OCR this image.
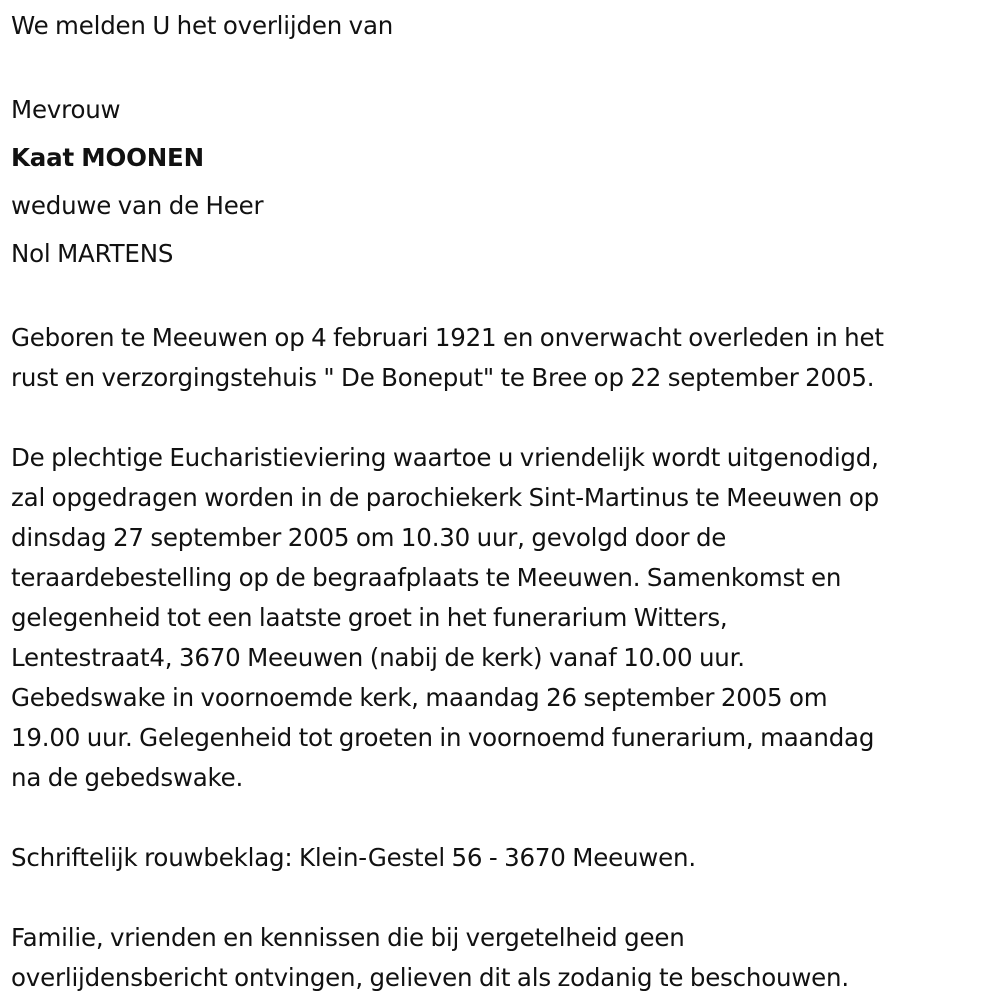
We melden U het overlijden van
Mevrouw
Kaat MOONEN
weduwe van de Heer
Nol MARTENS
Geboren te Meeuwen op 4 februari 1921 en onverwacht overleden in het
rust en verzorgingstehuis " De Boneput" te Bree op 22 september 2005.
De plechtige Eucharistieviering waartoe u vriendelijk wordt uitgenodigd,
zal opgedragen worden in de parochiekerk Sint-Martinus te Meeuwen op
dinsdag 27 september 2005 om 10.30 uur, gevolgd door de
teraardebestelling op de begraafplaats te Meeuwen. Samenkomst en
gelegenheid tot een laatste groet in het funerarium Witters,
Lentestraat4, 3670 Meeuwen (nabij de kerk) vanaf 10.00 uur.
Gebedswake in voornoemde kerk, maandag 26 september 2005 om
19.00 uur. Gelegenheid tot groeten in voornoemd funerarium, maandag
na de gebedswake.
Schriftelijk rouwbeklag: Klein-Gestel 56 - 3670 Meeuwen.
Familie, vrienden en kennissen die bij vergetelheid geen
overlijdensbericht ontvingen, gelieven dit als zodanig te beschouwen.
